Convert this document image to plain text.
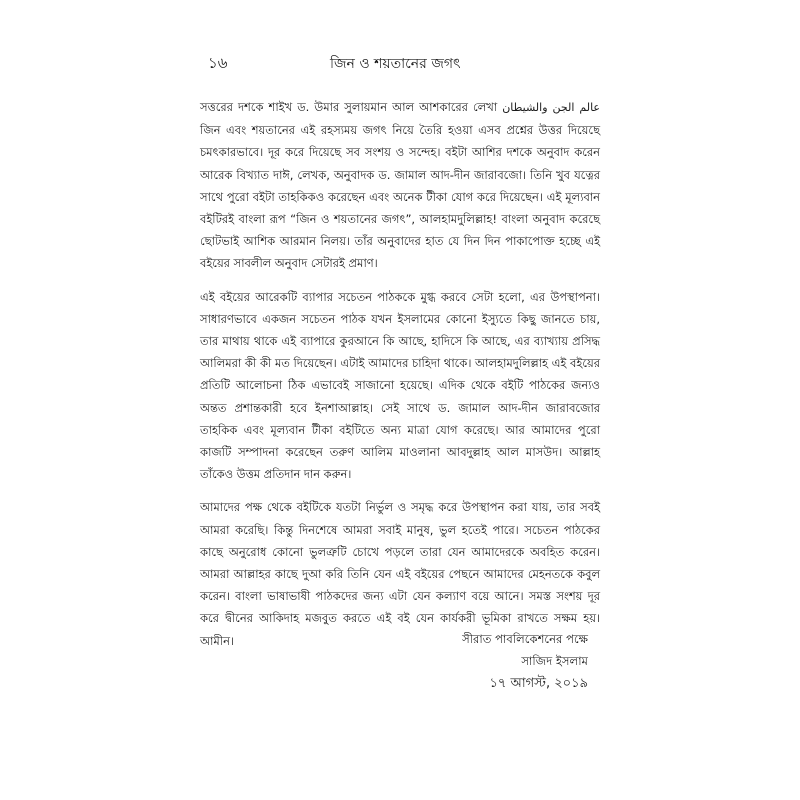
১৬	জিন ও শয়তানের জগৎ

সত্তরের দশকে শাইখ ড. উমার সুলায়মান আল আশকারের লেখা عالم الجن والشيطان জিন এবং শয়তানের এই রহস্যময় জগৎ নিয়ে তৈরি হওয়া এসব প্রশ্নের উত্তর দিয়েছে চমৎকারভাবে। দূর করে দিয়েছে সব সংশয় ও সন্দেহ। বইটা আশির দশকে অনুবাদ করেন আরেক বিখ্যাত দাঈ, লেখক, অনুবাদক ড. জামাল আদ-দীন জারাবজো। তিনি খুব যত্নের সাথে পুরো বইটা তাহকিকও করেছেন এবং অনেক টীকা যোগ করে দিয়েছেন। এই মূল্যবান বইটিরই বাংলা রূপ “জিন ও শয়তানের জগৎ”, আলহামদুলিল্লাহ! বাংলা অনুবাদ করেছে ছোটভাই আশিক আরমান নিলয়। তাঁর অনুবাদের হাত যে দিন দিন পাকাপোক্ত হচ্ছে এই বইয়ের সাবলীল অনুবাদ সেটারই প্রমাণ।

এই বইয়ের আরেকটি ব্যাপার সচেতন পাঠককে মুগ্ধ করবে সেটা হলো, এর উপস্থাপনা। সাধারণভাবে একজন সচেতন পাঠক যখন ইসলামের কোনো ইস্যুতে কিছু জানতে চায়, তার মাথায় থাকে এই ব্যাপারে কুরআনে কি আছে, হাদিসে কি আছে, এর ব্যাখ্যায় প্রসিদ্ধ আলিমরা কী কী মত দিয়েছেন। এটাই আমাদের চাহিদা থাকে। আলহামদুলিল্লাহ এই বইয়ের প্রতিটি আলোচনা ঠিক এভাবেই সাজানো হয়েছে। এদিক থেকে বইটি পাঠকের জন্যও অন্তত প্রশান্তকারী হবে ইনশাআল্লাহ। সেই সাথে ড. জামাল আদ-দীন জারাবজোর তাহকিক এবং মূল্যবান টীকা বইটিতে অন্য মাত্রা যোগ করেছে। আর আমাদের পুরো কাজটি সম্পাদনা করেছেন তরুণ আলিম মাওলানা আবদুল্লাহ আল মাসউদ। আল্লাহ তাঁকেও উত্তম প্রতিদান দান করুন।

আমাদের পক্ষ থেকে বইটিকে যতটা নির্ভুল ও সমৃদ্ধ করে উপস্থাপন করা যায়, তার সবই আমরা করেছি। কিন্তু দিনশেষে আমরা সবাই মানুষ, ভুল হতেই পারে। সচেতন পাঠকের কাছে অনুরোধ কোনো ভুলত্রুটি চোখে পড়লে তারা যেন আমাদেরকে অবহিত করেন। আমরা আল্লাহর কাছে দুআ করি তিনি যেন এই বইয়ের পেছনে আমাদের মেহনতকে কবুল করেন। বাংলা ভাষাভাষী পাঠকদের জন্য এটা যেন কল্যাণ বয়ে আনে। সমস্ত সংশয় দূর করে দ্বীনের আকিদাহ মজবুত করতে এই বই যেন কার্যকরী ভূমিকা রাখতে সক্ষম হয়। আমীন।	সীরাত পাবলিকেশনের পক্ষে
সাজিদ ইসলাম
১৭ আগস্ট, ২০১৯
